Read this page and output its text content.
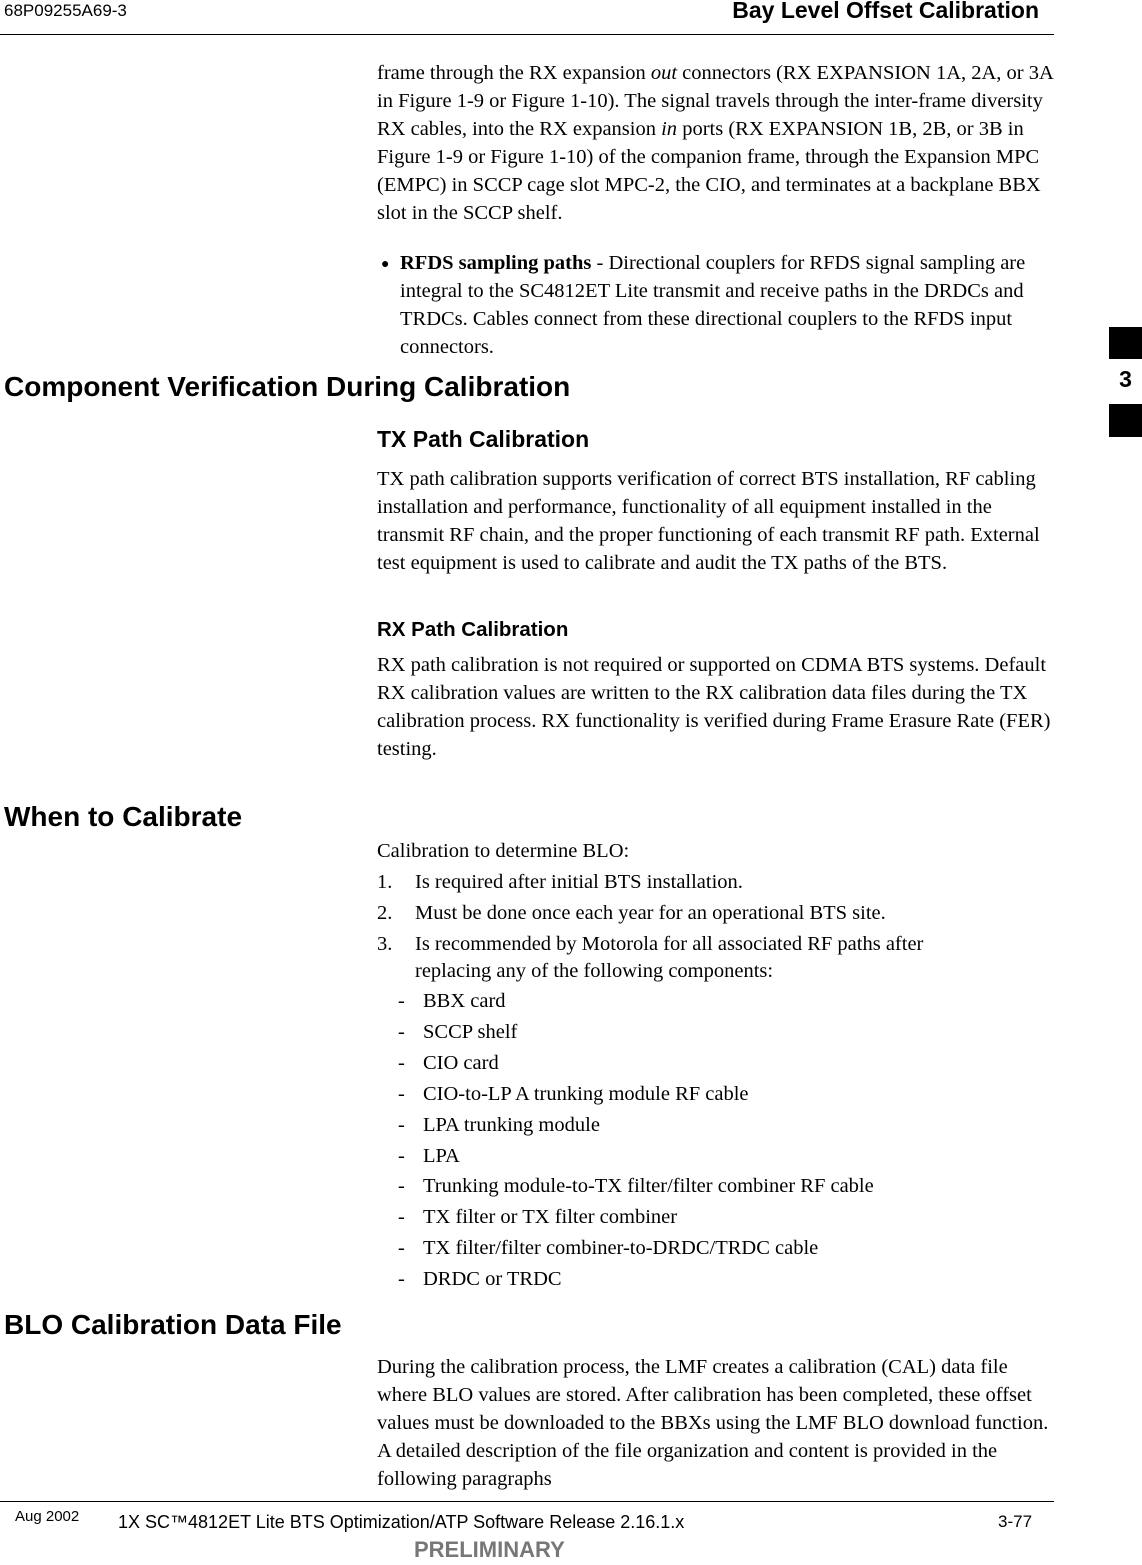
68P09255A69-3	Bay Level Offset Calibration

frame through the RX expansion out connectors (RX EXPANSION 1A, 2A, or 3A in Figure 1-9 or Figure 1-10). The signal travels through the inter-frame diversity RX cables, into the RX expansion in ports (RX EXPANSION 1B, 2B, or 3B in Figure 1-9 or Figure 1-10) of the companion frame, through the Expansion MPC (EMPC) in SCCP cage slot MPC-2, the CIO, and terminates at a backplane BBX slot in the SCCP shelf.

● RFDS sampling paths - Directional couplers for RFDS signal sampling are integral to the SC4812ET Lite transmit and receive paths in the DRDCs and TRDCs. Cables connect from these directional couplers to the RFDS input connectors.

Component Verification During Calibration
TX Path Calibration
TX path calibration supports verification of correct BTS installation, RF cabling installation and performance, functionality of all equipment installed in the transmit RF chain, and the proper functioning of each transmit RF path. External test equipment is used to calibrate and audit the TX paths of the BTS.
RX Path Calibration
RX path calibration is not required or supported on CDMA BTS systems. Default RX calibration values are written to the RX calibration data files during the TX calibration process. RX functionality is verified during Frame Erasure Rate (FER) testing.
When to Calibrate
Calibration to determine BLO:
1. Is required after initial BTS installation.
2. Must be done once each year for an operational BTS site.
3. Is recommended by Motorola for all associated RF paths after
replacing any of the following components:
- BBX card
- SCCP shelf
- CIO card
- CIO-to-LP A trunking module RF cable
- LPA trunking module
- LPA
- Trunking module-to-TX filter/filter combiner RF cable
- TX filter or TX filter combiner
- TX filter/filter combiner-to-DRDC/TRDC cable
- DRDC or TRDC
BLO Calibration Data File
During the calibration process, the LMF creates a calibration (CAL) data file where BLO values are stored. After calibration has been completed, these offset values must be downloaded to the BBXs using the LMF BLO download function. A detailed description of the file organization and content is provided in the following paragraphs
3
Aug 2002 1X SC™4812ET Lite BTS Optimization/ATP Software Release 2.16.1.x	3-77
PRELIMINARY
